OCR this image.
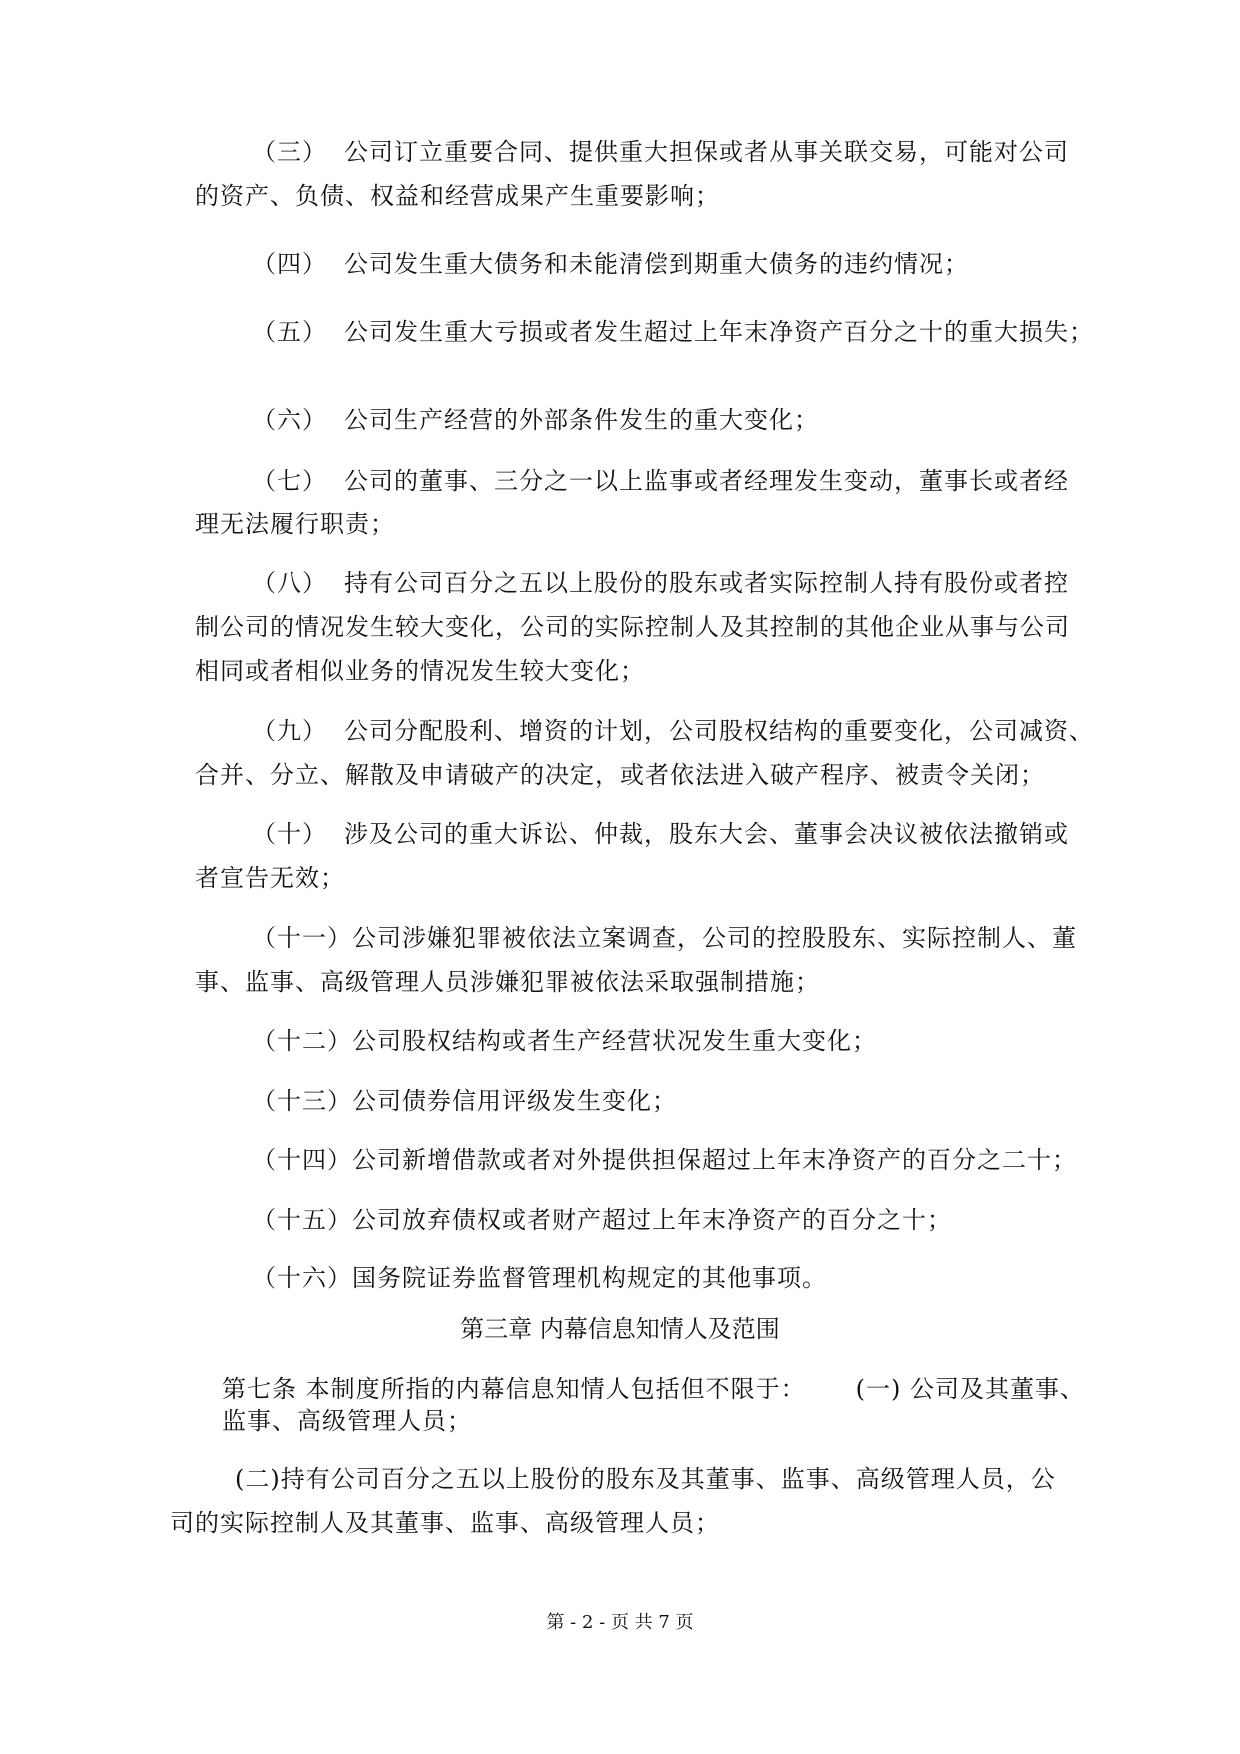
（三） 公司订立重要合同、提供重大担保或者从事关联交易，可能对公司
的资产、负债、权益和经营成果产生重要影响；
（四） 公司发生重大债务和未能清偿到期重大债务的违约情况；
（五） 公司发生重大亏损或者发生超过上年末净资产百分之十的重大损失；
（六） 公司生产经营的外部条件发生的重大变化；
（七） 公司的董事、三分之一以上监事或者经理发生变动，董事长或者经
理无法履行职责；
（八） 持有公司百分之五以上股份的股东或者实际控制人持有股份或者控
制公司的情况发生较大变化，公司的实际控制人及其控制的其他企业从事与公司
相同或者相似业务的情况发生较大变化；
（九） 公司分配股利、增资的计划，公司股权结构的重要变化，公司减资、
合并、分立、解散及申请破产的决定，或者依法进入破产程序、被责令关闭；
（十） 涉及公司的重大诉讼、仲裁，股东大会、董事会决议被依法撤销或
者宣告无效；
（十一）公司涉嫌犯罪被依法立案调查，公司的控股股东、实际控制人、董
事、监事、高级管理人员涉嫌犯罪被依法采取强制措施；
（十二）公司股权结构或者生产经营状况发生重大变化；
（十三）公司债券信用评级发生变化；
（十四）公司新增借款或者对外提供担保超过上年末净资产的百分之二十；
（十五）公司放弃债权或者财产超过上年末净资产的百分之十；
（十六）国务院证券监督管理机构规定的其他事项。
第三章 内幕信息知情人及范围
第七条 本制度所指的内幕信息知情人包括但不限于： (一) 公司及其董事、
监事、高级管理人员；
(二)持有公司百分之五以上股份的股东及其董事、监事、高级管理人员，公
司的实际控制人及其董事、监事、高级管理人员；
第 - 2 - 页 共 7 页
